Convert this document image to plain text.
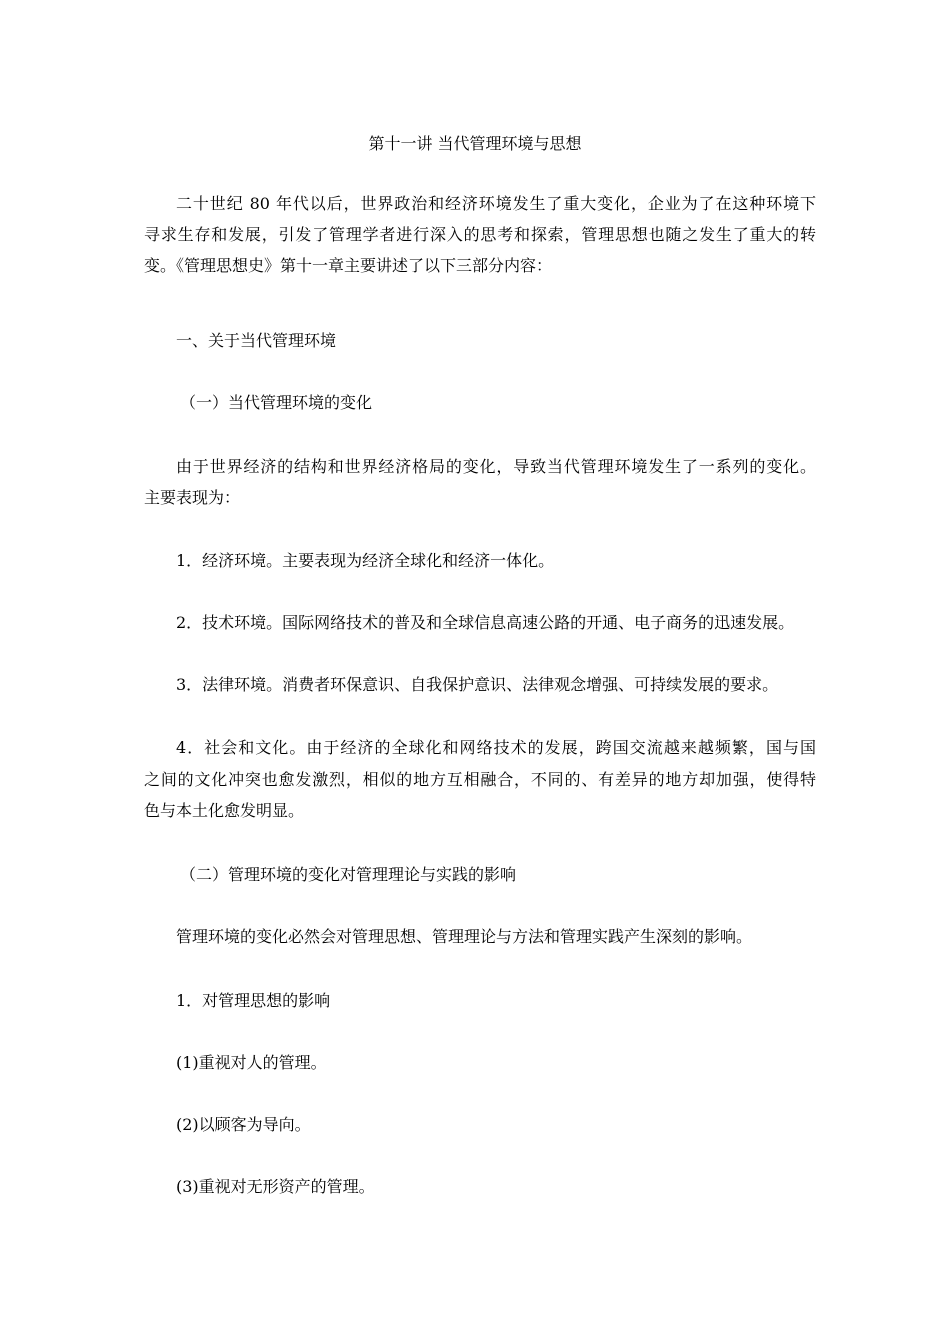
第十一讲 当代管理环境与思想
二十世纪 80 年代以后，世界政治和经济环境发生了重大变化，企业为了在这种环境下
寻求生存和发展，引发了管理学者进行深入的思考和探索，管理思想也随之发生了重大的转
变。《管理思想史》第十一章主要讲述了以下三部分内容：
一、关于当代管理环境
（一）当代管理环境的变化
由于世界经济的结构和世界经济格局的变化，导致当代管理环境发生了一系列的变化。
主要表现为：
1．经济环境。主要表现为经济全球化和经济一体化。
2．技术环境。国际网络技术的普及和全球信息高速公路的开通、电子商务的迅速发展。
3．法律环境。消费者环保意识、自我保护意识、法律观念增强、可持续发展的要求。
4．社会和文化。由于经济的全球化和网络技术的发展，跨国交流越来越频繁，国与国
之间的文化冲突也愈发激烈，相似的地方互相融合，不同的、有差异的地方却加强，使得特
色与本土化愈发明显。
（二）管理环境的变化对管理理论与实践的影响
管理环境的变化必然会对管理思想、管理理论与方法和管理实践产生深刻的影响。
1．对管理思想的影响
(1)重视对人的管理。
(2)以顾客为导向。
(3)重视对无形资产的管理。
